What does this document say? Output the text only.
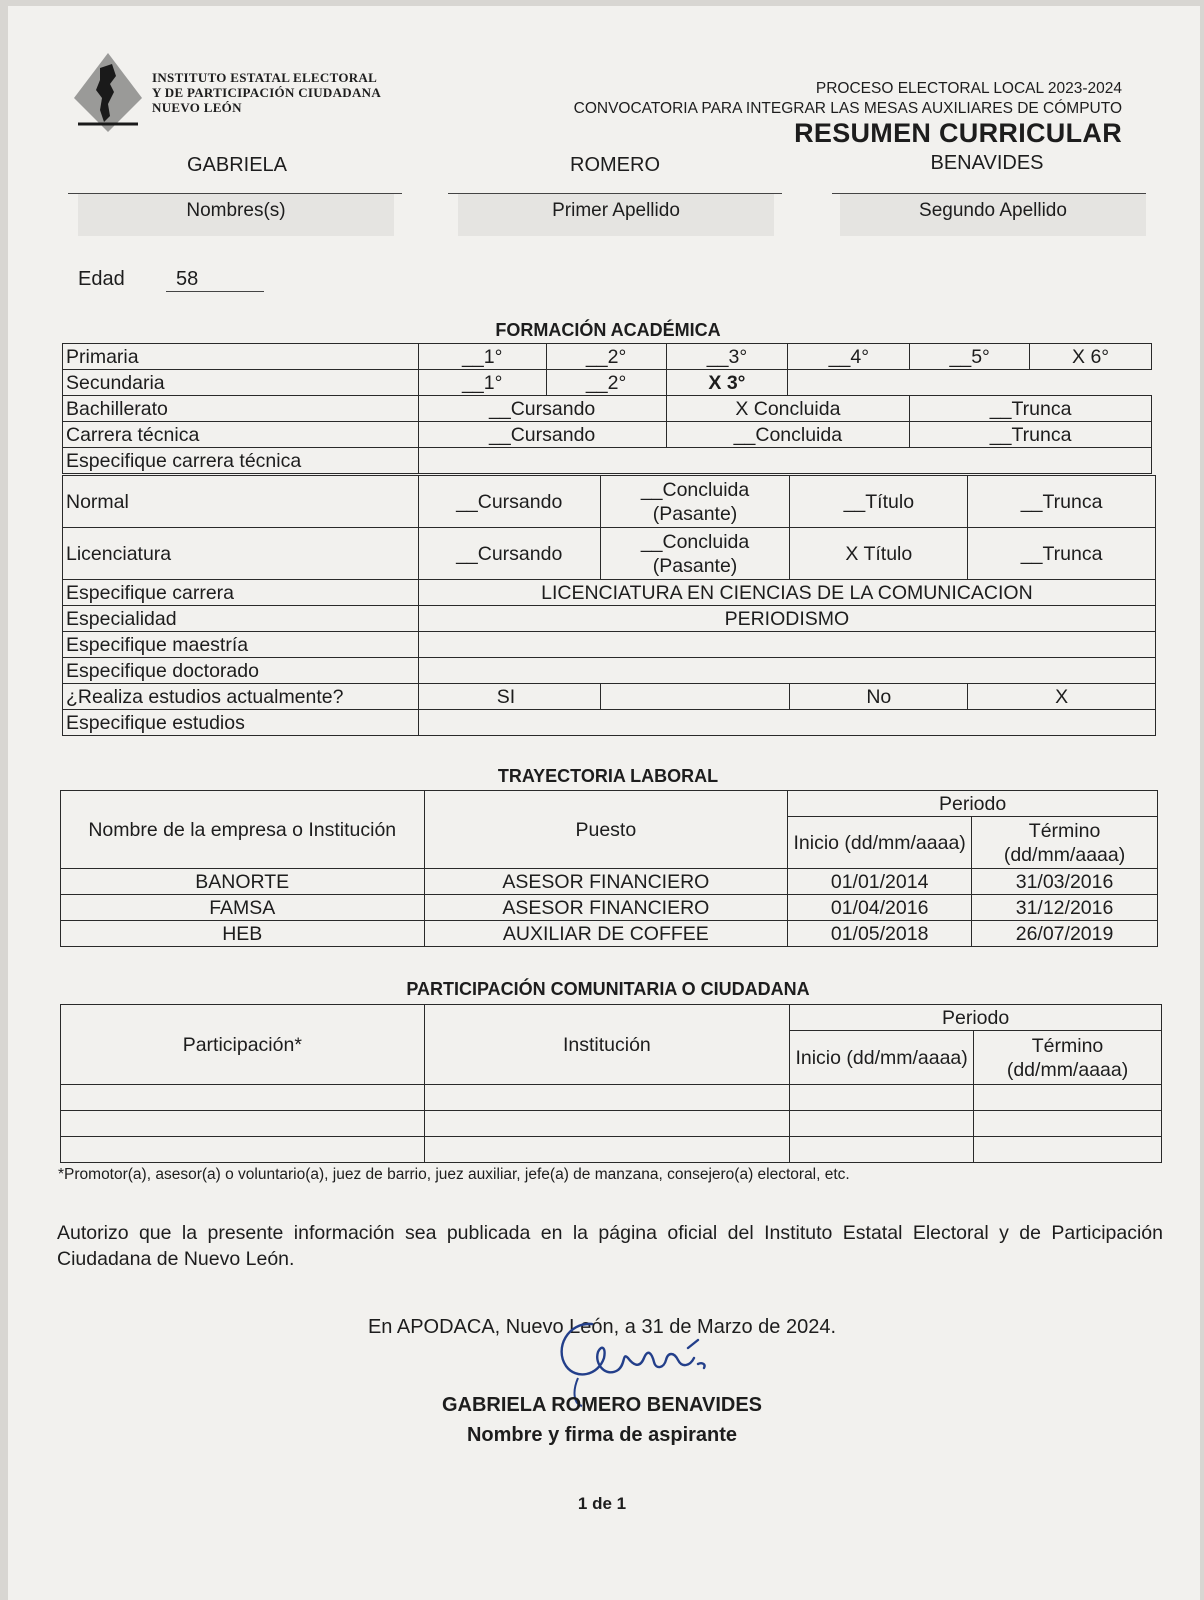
INSTITUTO ESTATAL ELECTORAL
Y DE PARTICIPACIÓN CIUDADANA
NUEVO LEÓN
PROCESO ELECTORAL LOCAL 2023-2024
CONVOCATORIA PARA INTEGRAR LAS MESAS AUXILIARES DE CÓMPUTO
RESUMEN CURRICULAR
GABRIELA	ROMERO	BENAVIDES
Nombres(s)	Primer Apellido	Segundo Apellido
Edad	58
FORMACIÓN ACADÉMICA
Primaria	__1°	__2°	__3°	__4°	__5°	X 6°
Secundaria	__1°	__2°	X 3°			
Bachillerato	__Cursando		X Concluida		__Trunca	
Carrera técnica	__Cursando		__Concluida		__Trunca	
Especifique carrera técnica						
Normal	__Cursando	__Concluida (Pasante)	__Título	__Trunca
Licenciatura	__Cursando	__Concluida (Pasante)	X Título	__Trunca
Especifique carrera	LICENCIATURA EN CIENCIAS DE LA COMUNICACION			
Especialidad	PERIODISMO			
Especifique maestría				
Especifique doctorado				
¿Realiza estudios actualmente?	SI		No	X
Especifique estudios				
TRAYECTORIA LABORAL
Nombre de la empresa o Institución	Puesto	Periodo	
		Inicio (dd/mm/aaaa)	Término (dd/mm/aaaa)
BANORTE	ASESOR FINANCIERO	01/01/2014	31/03/2016
FAMSA	ASESOR FINANCIERO	01/04/2016	31/12/2016
HEB	AUXILIAR DE COFFEE	01/05/2018	26/07/2019
PARTICIPACIÓN COMUNITARIA O CIUDADANA
Participación*	Institución	Periodo	
		Inicio (dd/mm/aaaa)	Término (dd/mm/aaaa)

*Promotor(a), asesor(a) o voluntario(a), juez de barrio, juez auxiliar, jefe(a) de manzana, consejero(a) electoral, etc.
Autorizo que la presente información sea publicada en la página oficial del Instituto Estatal Electoral y de Participación Ciudadana de Nuevo León.
En APODACA, Nuevo León, a 31 de Marzo de 2024.
GABRIELA ROMERO BENAVIDES
Nombre y firma de aspirante
1 de 1
